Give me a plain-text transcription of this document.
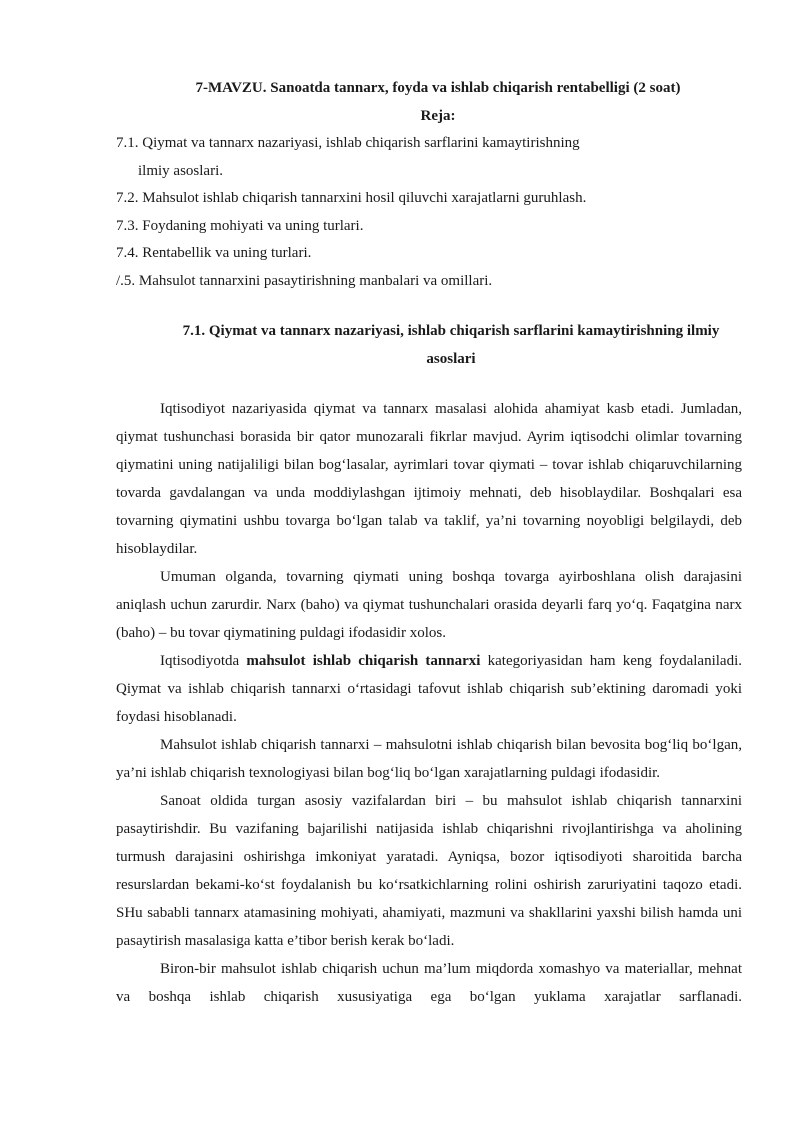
7-MAVZU. Sanoatda tannarx, foyda va ishlab chiqarish rentabelligi (2 soat)

Reja:

7.1. Qiymat va tannarx nazariyasi, ishlab chiqarish sarflarini kamaytirishning
ilmiy asoslari.

7.2. Mahsulot ishlab chiqarish tannarxini hosil qiluvchi xarajatlarni guruhlash.

7.3. Foydaning mohiyati va uning turlari.

7.4. Rentabellik va uning turlari.

/.5. Mahsulot tannarxini pasaytirishning manbalari va omillari.

7.1. Qiymat va tannarx nazariyasi, ishlab chiqarish sarflarini kamaytirishning ilmiy asoslari

Iqtisodiyot nazariyasida qiymat va tannarx masalasi alohida ahamiyat kasb etadi. Jumladan, qiymat tushunchasi borasida bir qator munozarali fikrlar mavjud. Ayrim iqtisodchi olimlar tovarning qiymatini uning natijaliligi bilan bog‘lasalar, ayrimlari tovar qiymati – tovar ishlab chiqaruvchilarning tovarda gavdalangan va unda moddiylashgan ijtimoiy mehnati, deb hisoblaydilar. Boshqalari esa tovarning qiymatini ushbu tovarga bo‘lgan talab va taklif, ya’ni tovarning noyobligi belgilaydi, deb hisoblaydilar.

Umuman olganda, tovarning qiymati uning boshqa tovarga ayirboshlana olish darajasini aniqlash uchun zarurdir. Narx (baho) va qiymat tushunchalari orasida deyarli farq yo‘q. Faqatgina narx (baho) – bu tovar qiymatining puldagi ifodasidir xolos.

Iqtisodiyotda mahsulot ishlab chiqarish tannarxi kategoriyasidan ham keng foydalaniladi. Qiymat va ishlab chiqarish tannarxi o‘rtasidagi tafovut ishlab chiqarish sub’ektining daromadi yoki foydasi hisoblanadi.

Mahsulot ishlab chiqarish tannarxi – mahsulotni ishlab chiqarish bilan bevosita bog‘liq bo‘lgan, ya’ni ishlab chiqarish texnologiyasi bilan bog‘liq bo‘lgan xarajatlarning puldagi ifodasidir.

Sanoat oldida turgan asosiy vazifalardan biri – bu mahsulot ishlab chiqarish tannarxini pasaytirishdir. Bu vazifaning bajarilishi natijasida ishlab chiqarishni rivojlantirishga va aholining turmush darajasini oshirishga imkoniyat yaratadi. Ayniqsa, bozor iqtisodiyoti sharoitida barcha resurslardan bekami-ko‘st foydalanish bu ko‘rsatkichlarning rolini oshirish zaruriyatini taqozo etadi. SHu sababli tannarx atamasining mohiyati, ahamiyati, mazmuni va shakllarini yaxshi bilish hamda uni pasaytirish masalasiga katta e’tibor berish kerak bo‘ladi.

Biron-bir mahsulot ishlab chiqarish uchun ma’lum miqdorda xomashyo va materiallar, mehnat va boshqa ishlab chiqarish xususiyatiga ega bo‘lgan yuklama xarajatlar sarflanadi.
